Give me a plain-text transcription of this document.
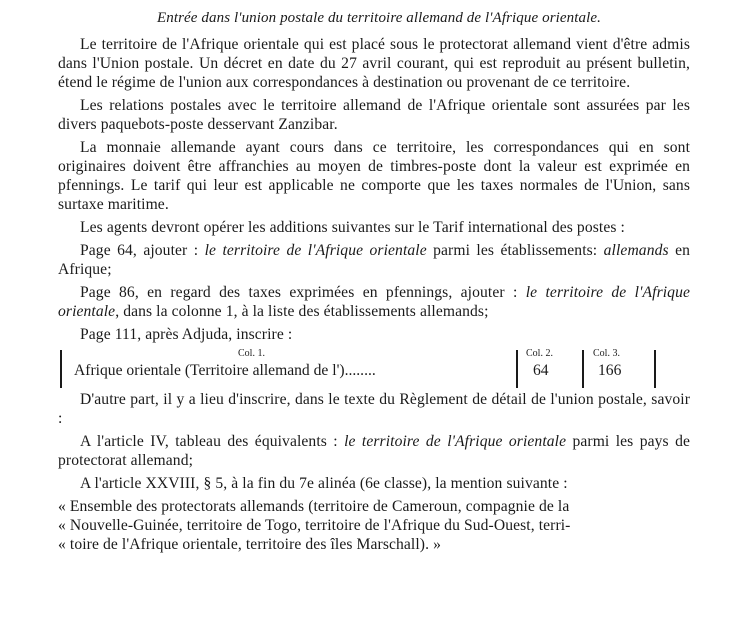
Entrée dans l'union postale du territoire allemand de l'Afrique orientale.

Le territoire de l'Afrique orientale qui est placé sous le protectorat allemand vient d'être admis dans l'Union postale. Un décret en date du 27 avril courant, qui est reproduit au présent bulletin, étend le régime de l'union aux correspondances à destination ou provenant de ce territoire.

Les relations postales avec le territoire allemand de l'Afrique orientale sont assurées par les divers paquebots-poste desservant Zanzibar.

La monnaie allemande ayant cours dans ce territoire, les correspondances qui en sont originaires doivent être affranchies au moyen de timbres-poste dont la valeur est exprimée en pfennings. Le tarif qui leur est applicable ne comporte que les taxes normales de l'Union, sans surtaxe maritime.

Les agents devront opérer les additions suivantes sur le Tarif international des postes :

Page 64, ajouter : le territoire de l'Afrique orientale parmi les établissements: allemands en Afrique;

Page 86, en regard des taxes exprimées en pfennings, ajouter : le territoire de l'Afrique orientale, dans la colonne 1, à la liste des établissements allemands;

Page 111, après Adjuda, inscrire :

Col. 1.	Col. 2.	Col. 3.
Afrique orientale (Territoire allemand de l')........	64	166

D'autre part, il y a lieu d'inscrire, dans le texte du Règlement de détail de l'union postale, savoir :

A l'article IV, tableau des équivalents : le territoire de l'Afrique orientale parmi les pays de protectorat allemand;

A l'article XXVIII, § 5, à la fin du 7e alinéa (6e classe), la mention suivante :

« Ensemble des protectorats allemands (territoire de Cameroun, compagnie de la

« Nouvelle-Guinée, territoire de Togo, territoire de l'Afrique du Sud-Ouest, terri-

« toire de l'Afrique orientale, territoire des îles Marschall). »
